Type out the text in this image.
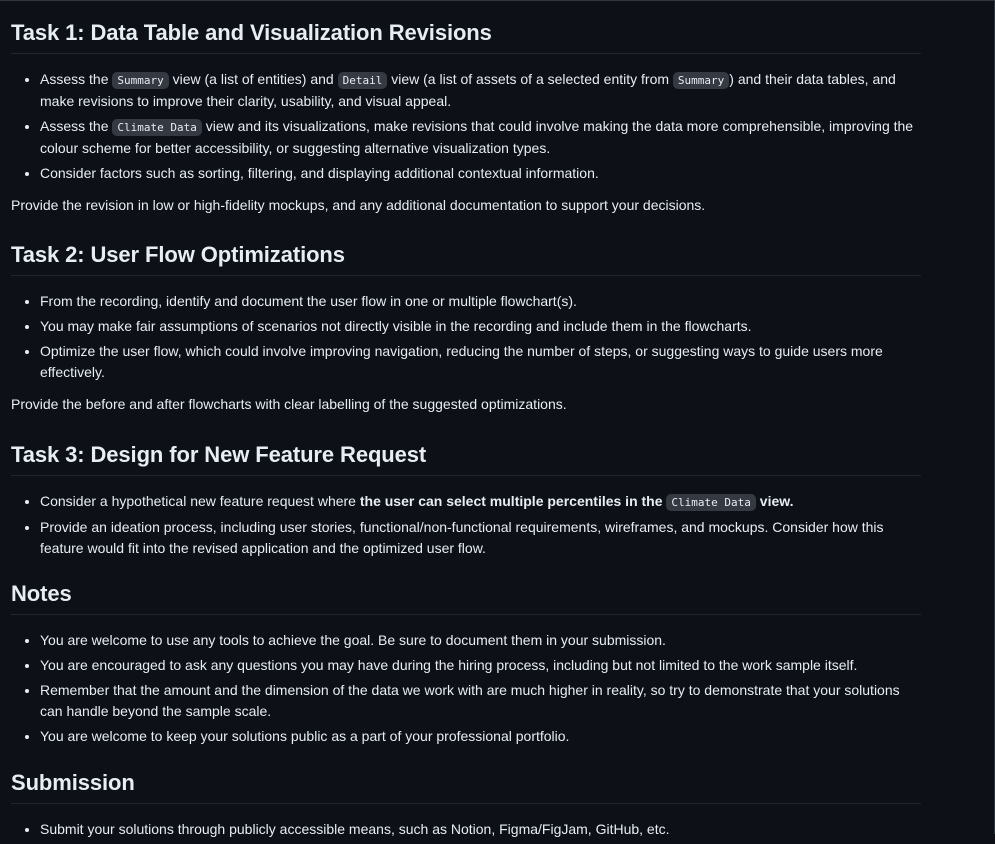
Task 1: Data Table and Visualization Revisions
• Assess the Summary view (a list of entities) and Detail view (a list of assets of a selected entity from Summary ) and their data tables, and make revisions to improve their clarity, usability, and visual appeal.
• Assess the Climate Data view and its visualizations, make revisions that could involve making the data more comprehensible, improving the colour scheme for better accessibility, or suggesting alternative visualization types.
• Consider factors such as sorting, filtering, and displaying additional contextual information.

Provide the revision in low or high-fidelity mockups, and any additional documentation to support your decisions.

Task 2: User Flow Optimizations
• From the recording, identify and document the user flow in one or multiple flowchart(s).
• You may make fair assumptions of scenarios not directly visible in the recording and include them in the flowcharts.
• Optimize the user flow, which could involve improving navigation, reducing the number of steps, or suggesting ways to guide users more effectively.

Provide the before and after flowcharts with clear labelling of the suggested optimizations.

Task 3: Design for New Feature Request
• Consider a hypothetical new feature request where the user can select multiple percentiles in the Climate Data view.
• Provide an ideation process, including user stories, functional/non-functional requirements, wireframes, and mockups. Consider how this feature would fit into the revised application and the optimized user flow.
Notes
• You are welcome to use any tools to achieve the goal. Be sure to document them in your submission.
• You are encouraged to ask any questions you may have during the hiring process, including but not limited to the work sample itself.
• Remember that the amount and the dimension of the data we work with are much higher in reality, so try to demonstrate that your solutions can handle beyond the sample scale.
• You are welcome to keep your solutions public as a part of your professional portfolio.
Submission
• Submit your solutions through publicly accessible means, such as Notion, Figma/FigJam, GitHub, etc.
